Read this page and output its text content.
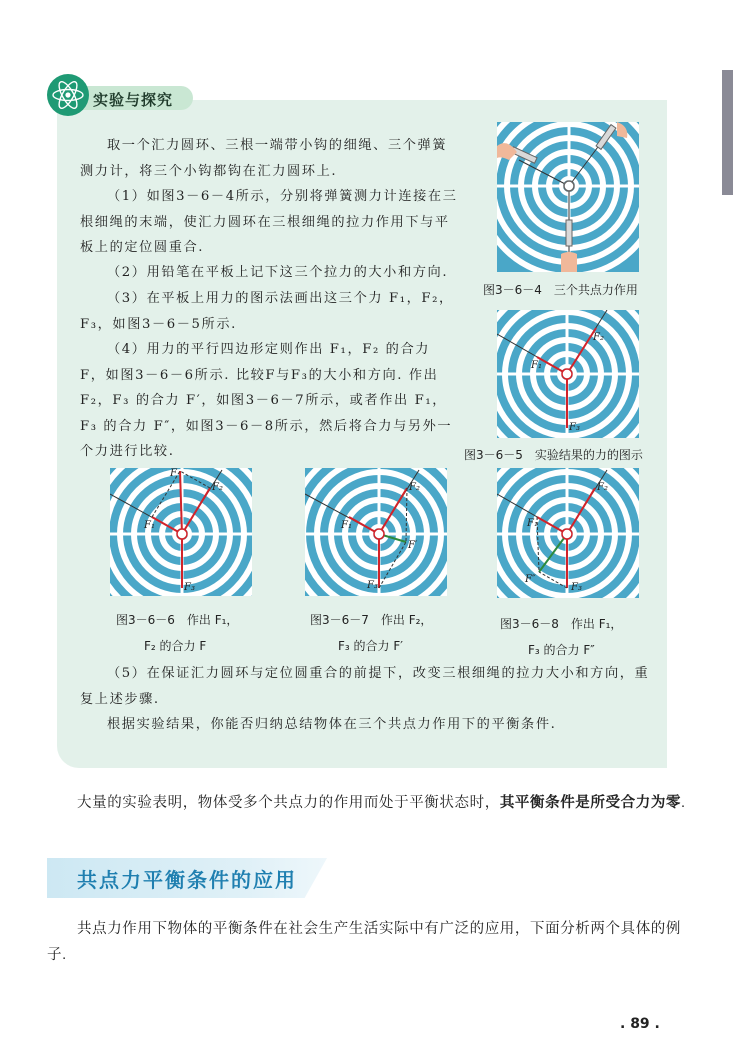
实验与探究
取一个汇力圆环、三根一端带小钩的细绳、三个弹簧测力计，将三个小钩都钩在汇力圆环上.
（1）如图3－6－4所示，分别将弹簧测力计连接在三根细绳的末端，使汇力圆环在三根细绳的拉力作用下与平板上的定位圆重合.
（2）用铅笔在平板上记下这三个拉力的大小和方向.
（3）在平板上用力的图示法画出这三个力 F₁，F₂，F₃，如图3－6－5所示.
（4）用力的平行四边形定则作出 F₁，F₂ 的合力 F，如图3－6－6所示. 比较F与F₃的大小和方向. 作出 F₂，F₃ 的合力 F′，如图3－6－7所示，或者作出 F₁，F₃ 的合力 F″，如图3－6－8所示，然后将合力与另外一个力进行比较.
图3－6－4　三个共点力作用
F₁
F₂
F₃
图3－6－5　实验结果的力的图示
F₁
F₂
F
F₃
图3－6－6　作出 F₁，
F₂ 的合力 F
F₁
F₂
F′
F₃
图3－6－7　作出 F₂，
F₃ 的合力 F′
F₁
F₂
F″
F₃
图3－6－8　作出 F₁，
F₃ 的合力 F″
（5）在保证汇力圆环与定位圆重合的前提下，改变三根细绳的拉力大小和方向，重复上述步骤.
根据实验结果，你能否归纳总结物体在三个共点力作用下的平衡条件.
大量的实验表明，物体受多个共点力的作用而处于平衡状态时，其平衡条件是所受合力为零.
共点力平衡条件的应用
共点力作用下物体的平衡条件在社会生产生活实际中有广泛的应用，下面分析两个具体的例子.
. 89 .
